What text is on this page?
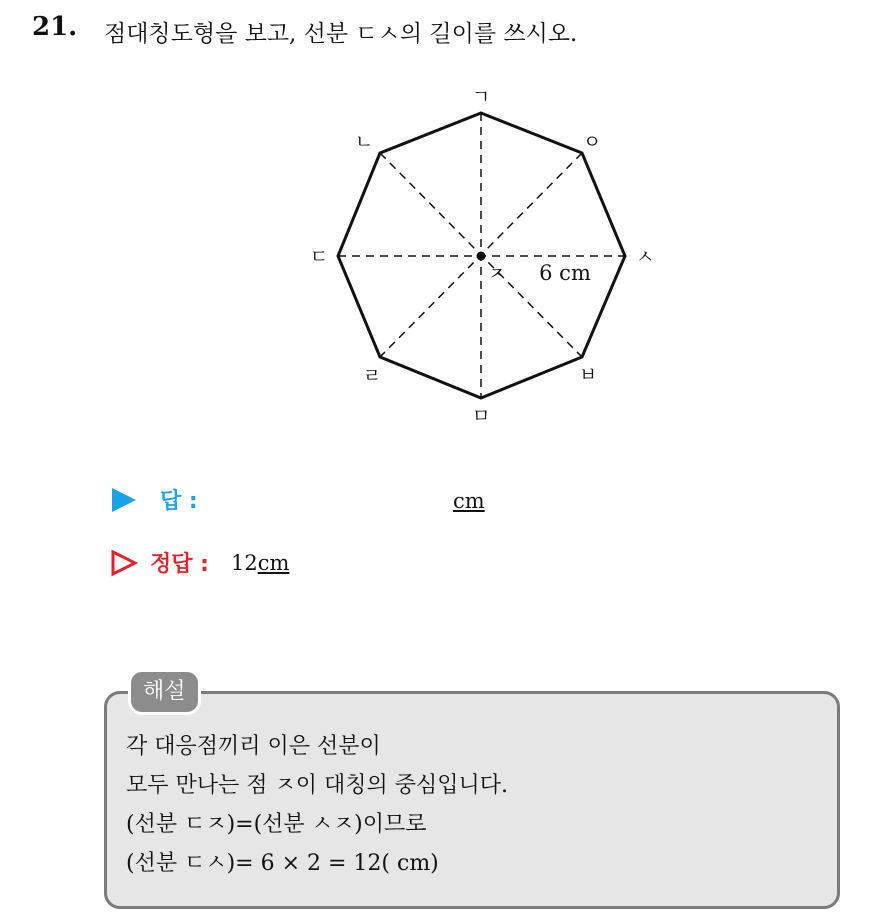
21. 점대칭도형을 보고, 선분 ㄷㅅ의 길이를 쓰시오.
ㄱ
ㄴ
ㄷ
ㄹ
ㅁ
ㅂ
ㅅ
ㅇ
ㅈ 6 cm
답 :	cm
정답 : 12cm
해설
각 대응점끼리 이은 선분이
모두 만나는 점 ㅈ이 대칭의 중심입니다.
(선분 ㄷㅈ)=(선분 ㅅㅈ)이므로
(선분 ㄷㅅ)= 6 × 2 = 12( cm)
